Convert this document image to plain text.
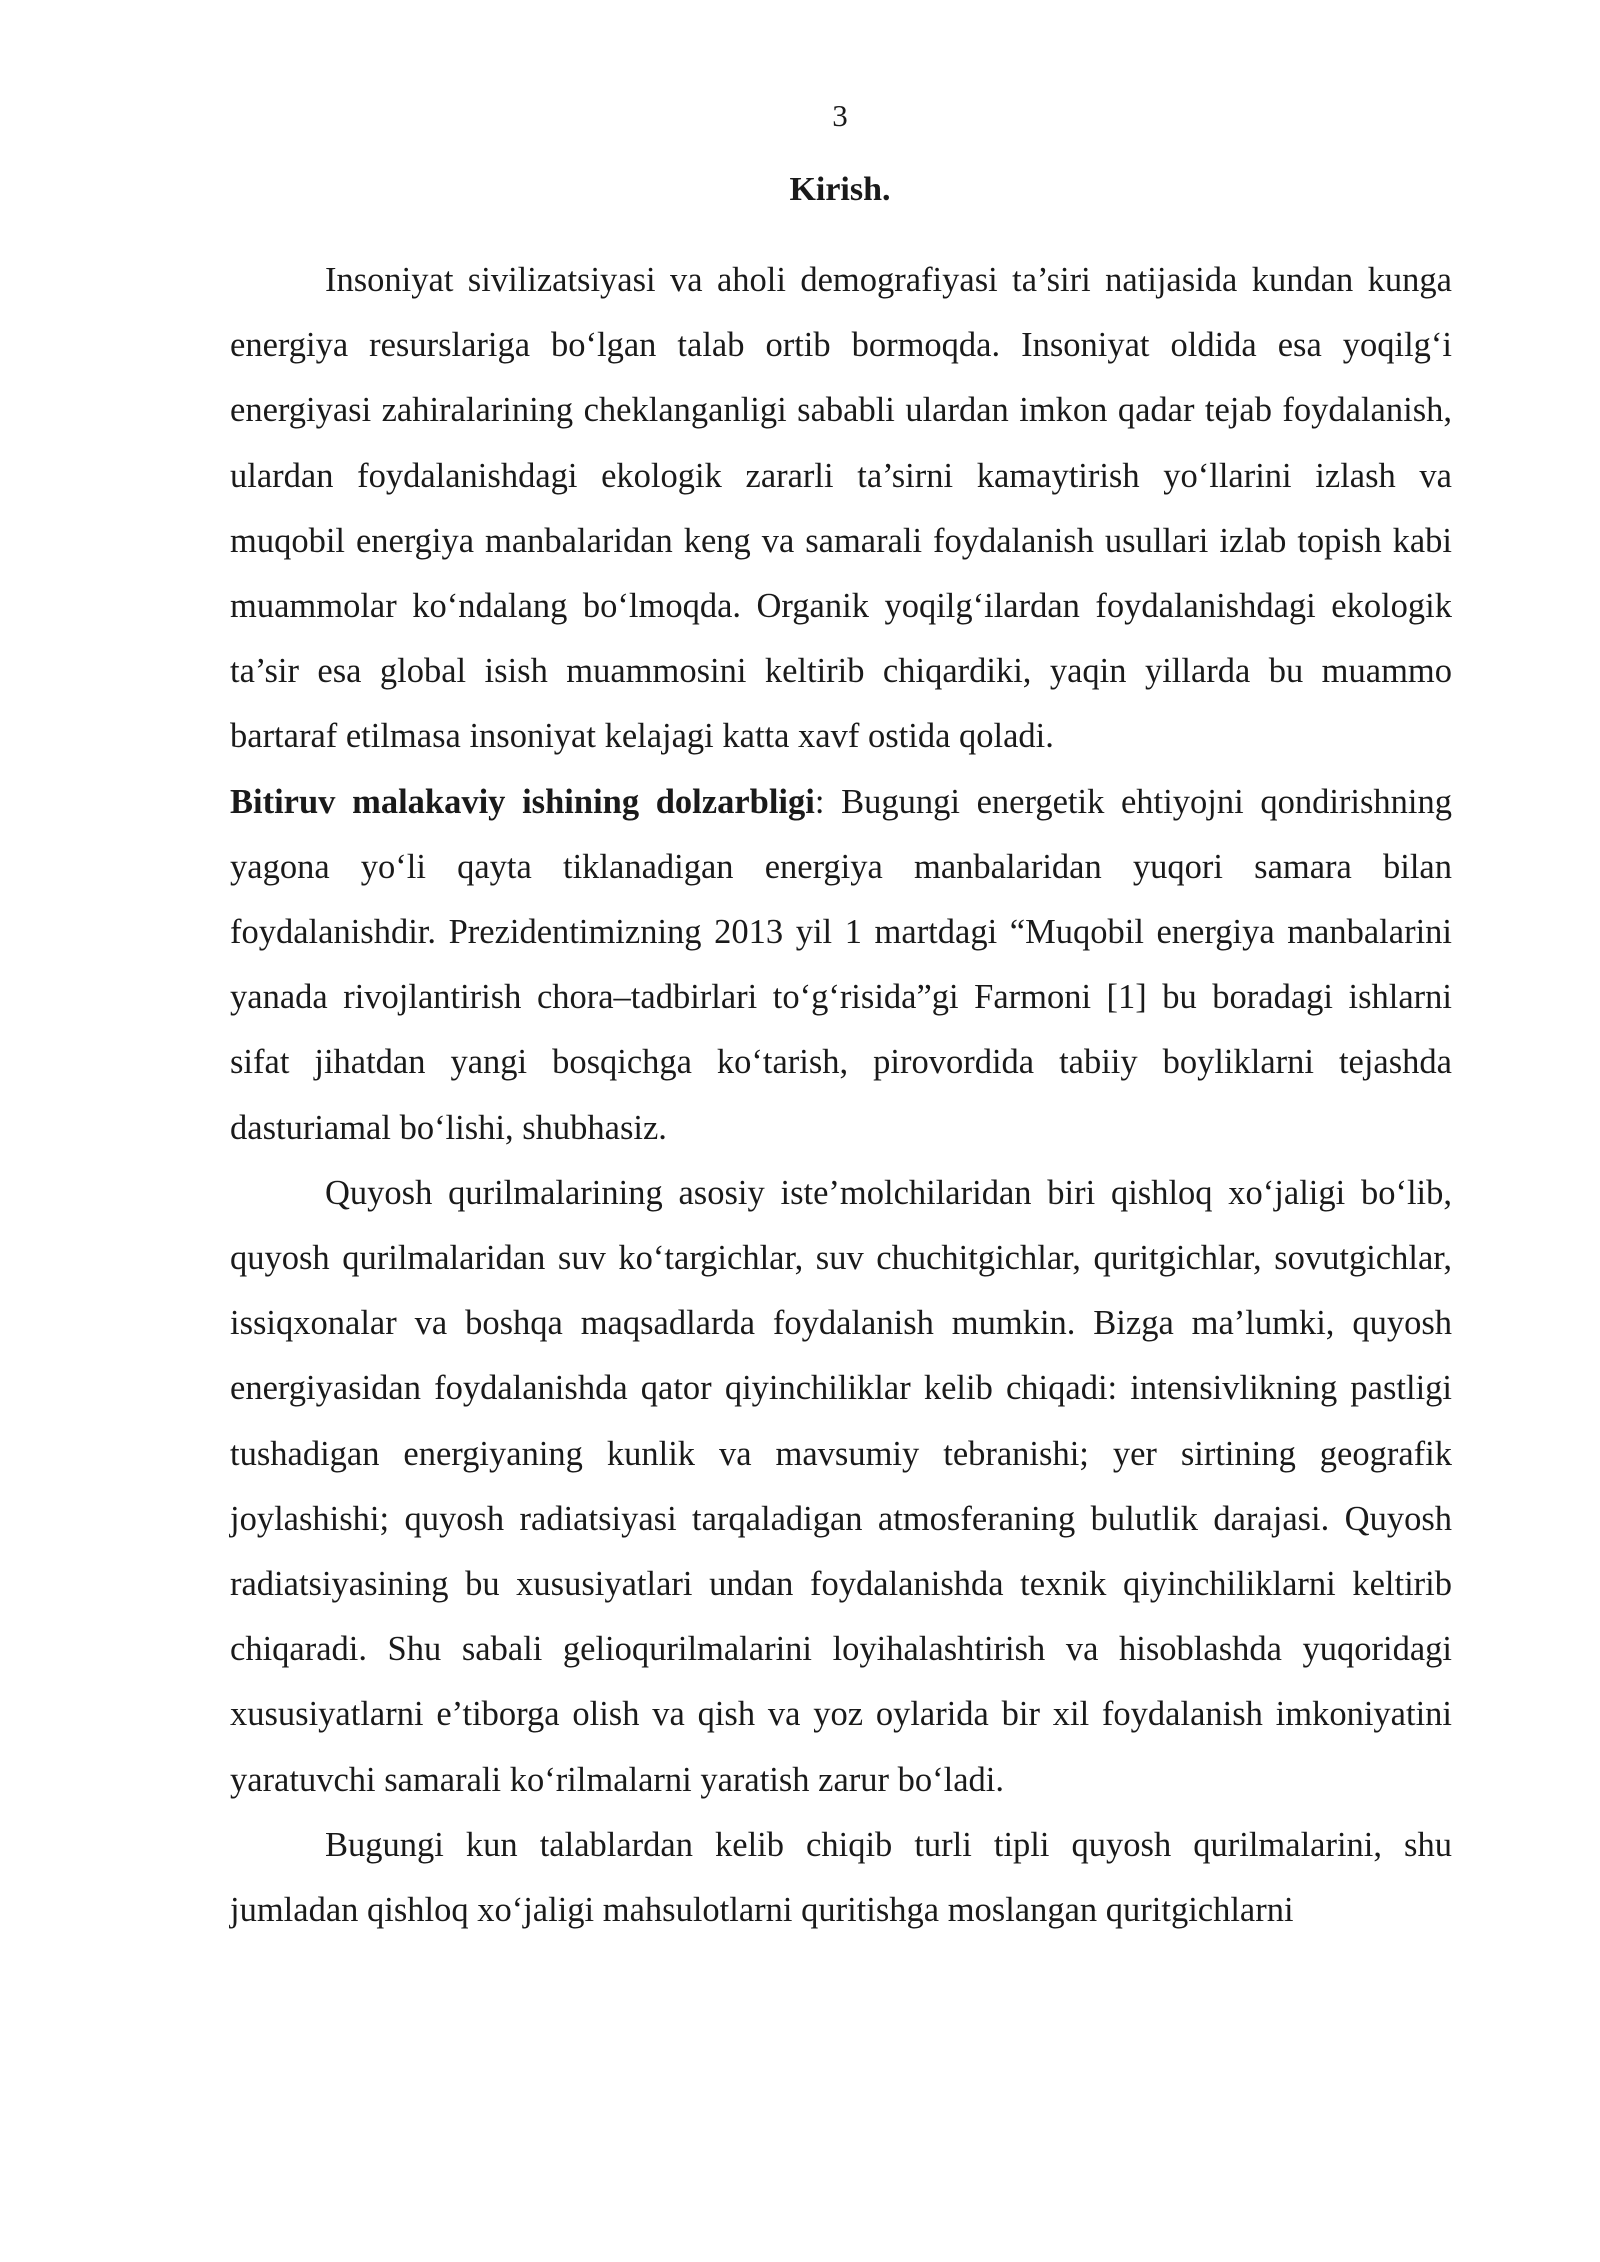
3
Kirish.

Insoniyat sivilizatsiyasi va aholi demografiyasi ta’siri natijasida kundan kunga energiya resurslariga bo‘lgan talab ortib bormoqda. Insoniyat oldida esa yoqilg‘i energiyasi zahiralarining cheklanganligi sababli ulardan imkon qadar tejab foydalanish, ulardan foydalanishdagi ekologik zararli ta’sirni kamaytirish yo‘llarini izlash va muqobil energiya manbalaridan keng va samarali foydalanish usullari izlab topish kabi muammolar ko‘ndalang bo‘lmoqda. Organik yoqilg‘ilardan foydalanishdagi ekologik ta’sir esa global isish muammosini keltirib chiqardiki, yaqin yillarda bu muammo bartaraf etilmasa insoniyat kelajagi katta xavf ostida qoladi.

Bitiruv malakaviy ishining dolzarbligi: Bugungi energetik ehtiyojni qondirishning yagona yo‘li qayta tiklanadigan energiya manbalaridan yuqori samara bilan foydalanishdir. Prezidentimizning 2013 yil 1 martdagi “Muqobil energiya manbalarini yanada rivojlantirish chora–tadbirlari to‘g‘risida”gi Farmoni [1] bu boradagi ishlarni sifat jihatdan yangi bosqichga ko‘tarish, pirovordida tabiiy boyliklarni tejashda dasturiamal bo‘lishi, shubhasiz.

Quyosh qurilmalarining asosiy iste’molchilaridan biri qishloq xo‘jaligi bo‘lib, quyosh qurilmalaridan suv ko‘targichlar, suv chuchitgichlar, quritgichlar, sovutgichlar, issiqxonalar va boshqa maqsadlarda foydalanish mumkin. Bizga ma’lumki, quyosh energiyasidan foydalanishda qator qiyinchiliklar kelib chiqadi: intensivlikning pastligi tushadigan energiyaning kunlik va mavsumiy tebranishi; yer sirtining geografik joylashishi; quyosh radiatsiyasi tarqaladigan atmosferaning bulutlik darajasi. Quyosh radiatsiyasining bu xususiyatlari undan foydalanishda texnik qiyinchiliklarni keltirib chiqaradi. Shu sabali gelioqurilmalarini loyihalashtirish va hisoblashda yuqoridagi xususiyatlarni e’tiborga olish va qish va yoz oylarida bir xil foydalanish imkoniyatini yaratuvchi samarali ko‘rilmalarni yaratish zarur bo‘ladi.

Bugungi kun talablardan kelib chiqib turli tipli quyosh qurilmalarini, shu jumladan qishloq xo‘jaligi mahsulotlarni quritishga moslangan quritgichlarni
